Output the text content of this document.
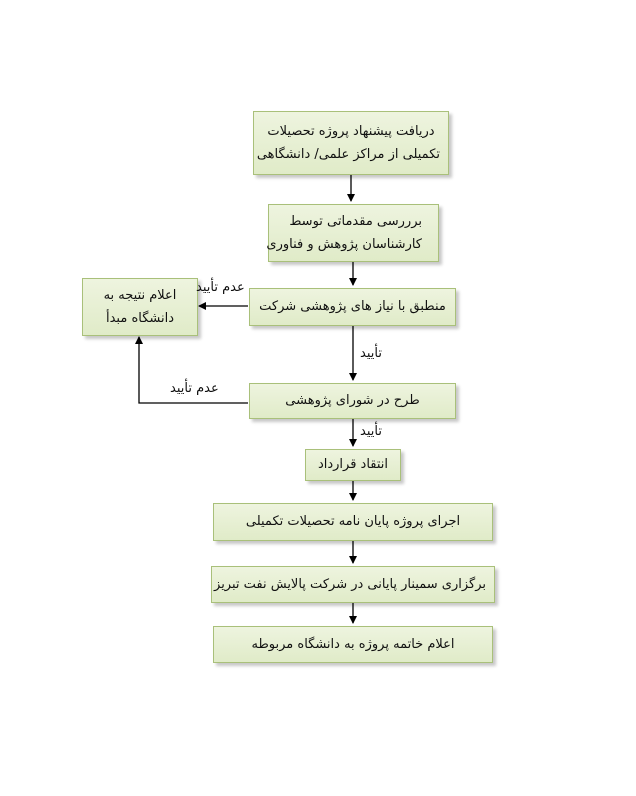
دریافت پیشنهاد پروژه تحصیلات
تکمیلی از مراکز علمی/ دانشگاهی
برررسی مقدماتی توسط
کارشناسان پژوهش و فناوری
منطبق با نیاز های پژوهشی شرکت
اعلام نتیجه به
دانشگاه مبدأ
طرح در شورای پژوهشی
انتقاد قرارداد
اجرای پروژه پایان نامه تحصیلات تکمیلی
برگزاری سمینار پایانی در شرکت پالایش نفت تبریز
اعلام خاتمه پروژه به دانشگاه مربوطه
عدم تأیید
تأیید
عدم تأیید
تأیید
